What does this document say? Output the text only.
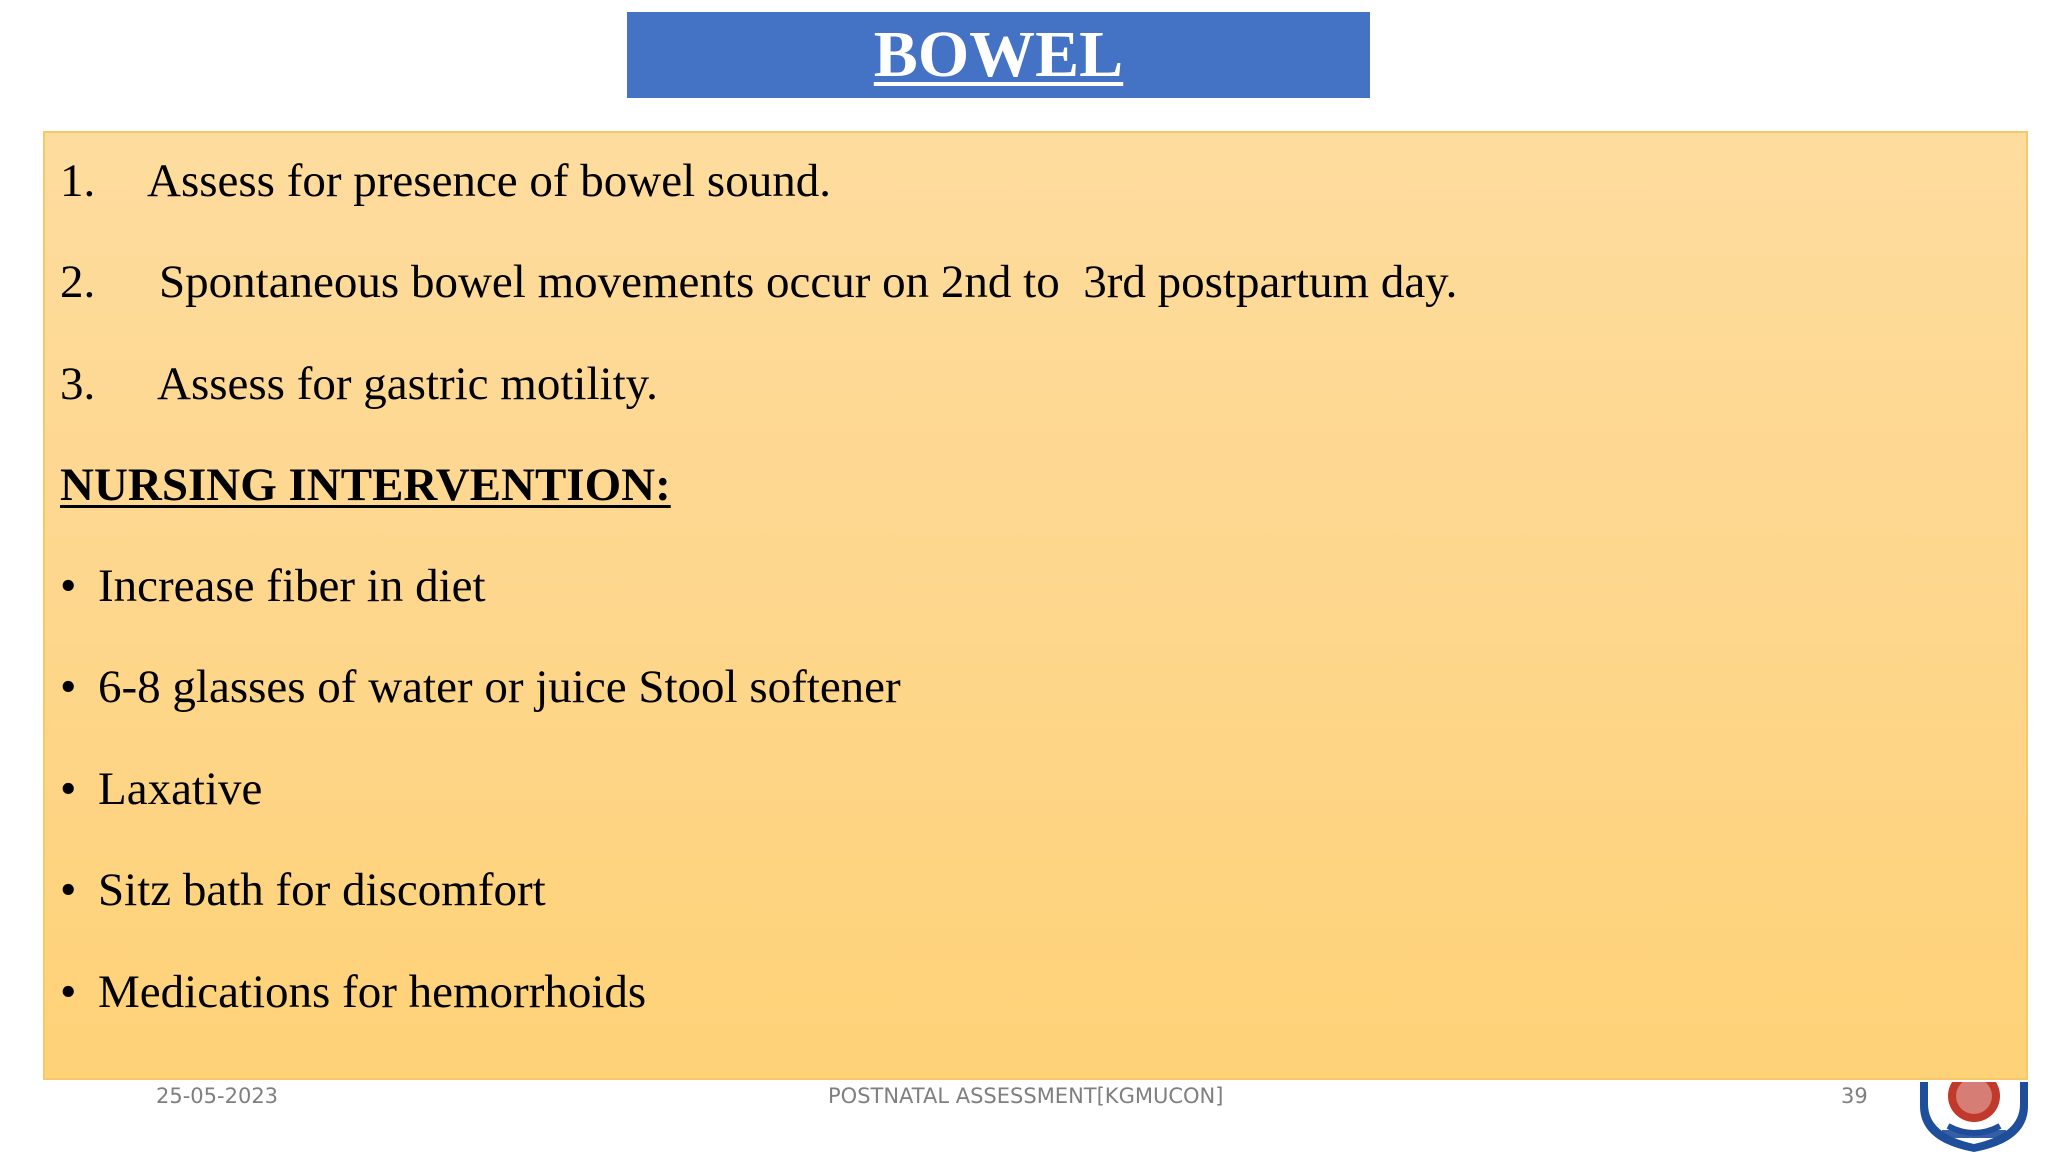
BOWEL
1. Assess for presence of bowel sound.
2. Spontaneous bowel movements occur on 2nd to  3rd postpartum day.
3. Assess for gastric motility.
NURSING INTERVENTION:
• Increase fiber in diet
• 6-8 glasses of water or juice Stool softener
• Laxative
• Sitz bath for discomfort
• Medications for hemorrhoids
25-05-2023	POSTNATAL ASSESSMENT[KGMUCON]	39
